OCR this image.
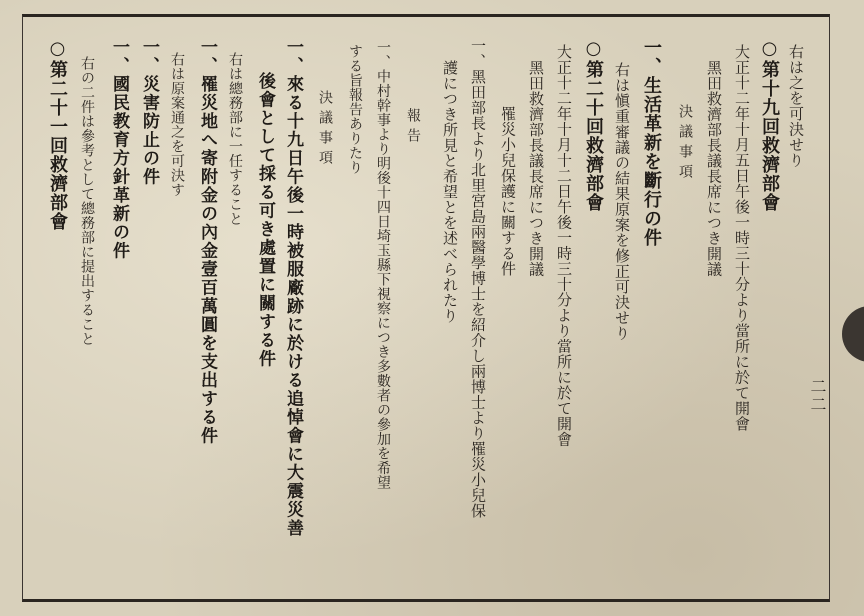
右は之を可決せり
○第十九回救濟部會
大正十二年十月五日午後一時三十分より當所に於て開會
黑田救濟部長議長席につき開議
決議事項
一、生活革新を斷行の件
右は愼重審議の結果原案を修正可決せり
○第二十回救濟部會
大正十二年十月十二日午後一時三十分より當所に於て開會
黑田救濟部長議長席につき開議
罹災小兒保護に關する件
一、黑田部長より北里宮島兩醫學博士を紹介し兩博士より罹災小兒保
護につき所見と希望とを述べられたり
報告
一、中村幹事より明後十四日埼玉縣下視察につき多數者の參加を希望
する旨報告ありたり
決議事項
一、來る十九日午後一時被服廠跡に於ける追悼會に大震災善
後會として採る可き處置に關する件
右は總務部に一任すること
一、罹災地へ寄附金の內金壹百萬圓を支出する件
右は原案通之を可決す
一、災害防止の件
一、國民教育方針革新の件
右の二件は參考として總務部に提出すること
○第二十一回救濟部會
二二
